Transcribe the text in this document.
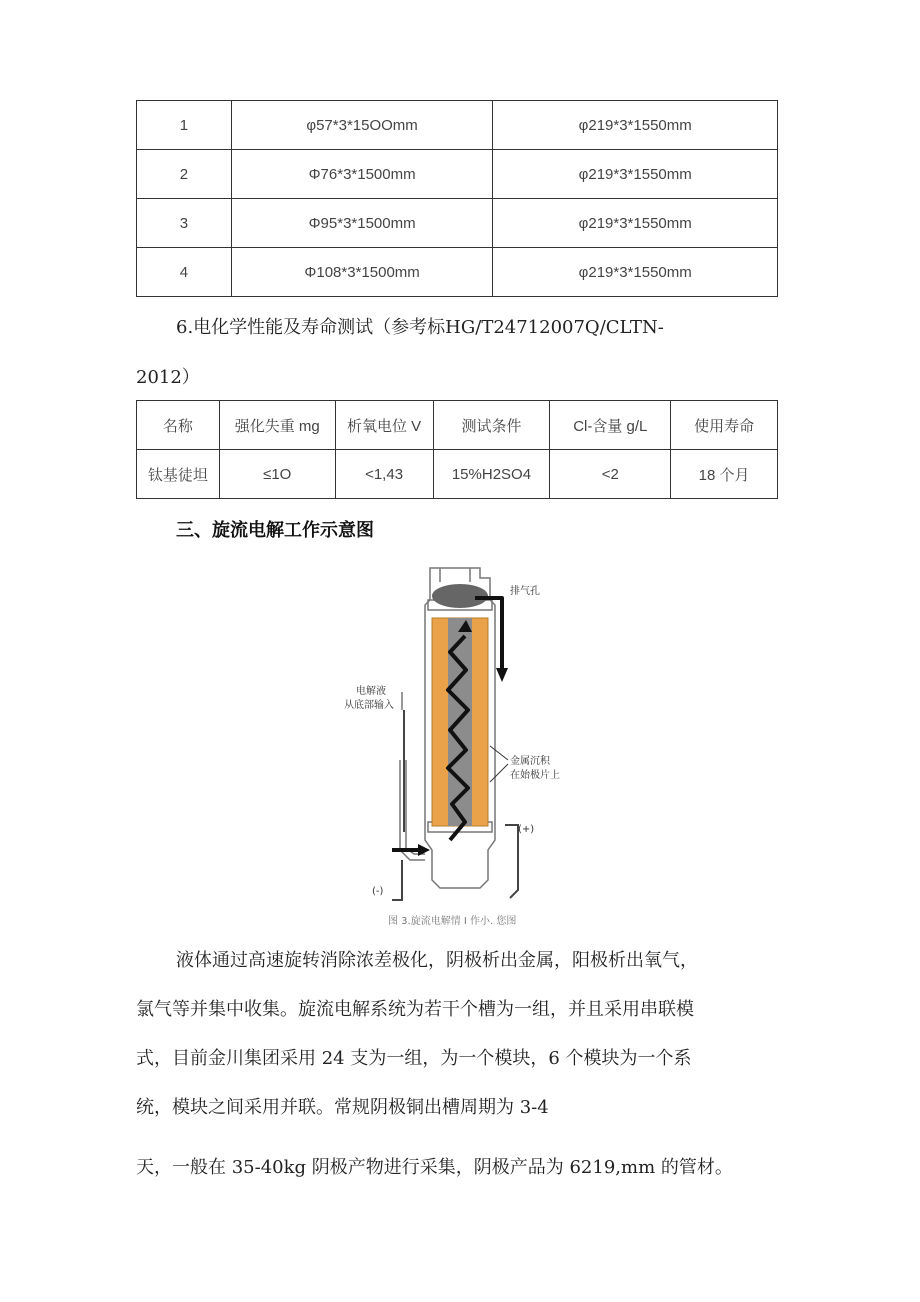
1	φ57*3*15OOmm	φ219*3*1550mm
2	Φ76*3*1500mm	φ219*3*1550mm
3	Φ95*3*1500mm	φ219*3*1550mm
4	Φ108*3*1500mm	φ219*3*1550mm
6.电化学性能及寿命测试（参考标HG/T24712007Q/CLTN-
2012）
名称	强化失重 mg	析氧电位 V	测试条件	Cl-含量 g/L	使用寿命
钛基徒坦	≤1O	<1,43	15%H2SO4	<2	18 个月
三、旋流电解工作示意图
排气孔
电解液
从底部输入
金属沉积
在始极片上
(+)
(-)
图 3.旋流电解情 I 作小. 您图
液体通过高速旋转消除浓差极化，阴极析出金属，阳极析出氧气，
氯气等并集中收集。旋流电解系统为若干个槽为一组，并且采用串联模
式，目前金川集团采用 24 支为一组，为一个模块，6 个模块为一个系
统，模块之间采用并联。常规阴极铜出槽周期为 3-4
天，一般在 35-40kg 阴极产物进行采集，阴极产品为 6219,mm 的管材。
